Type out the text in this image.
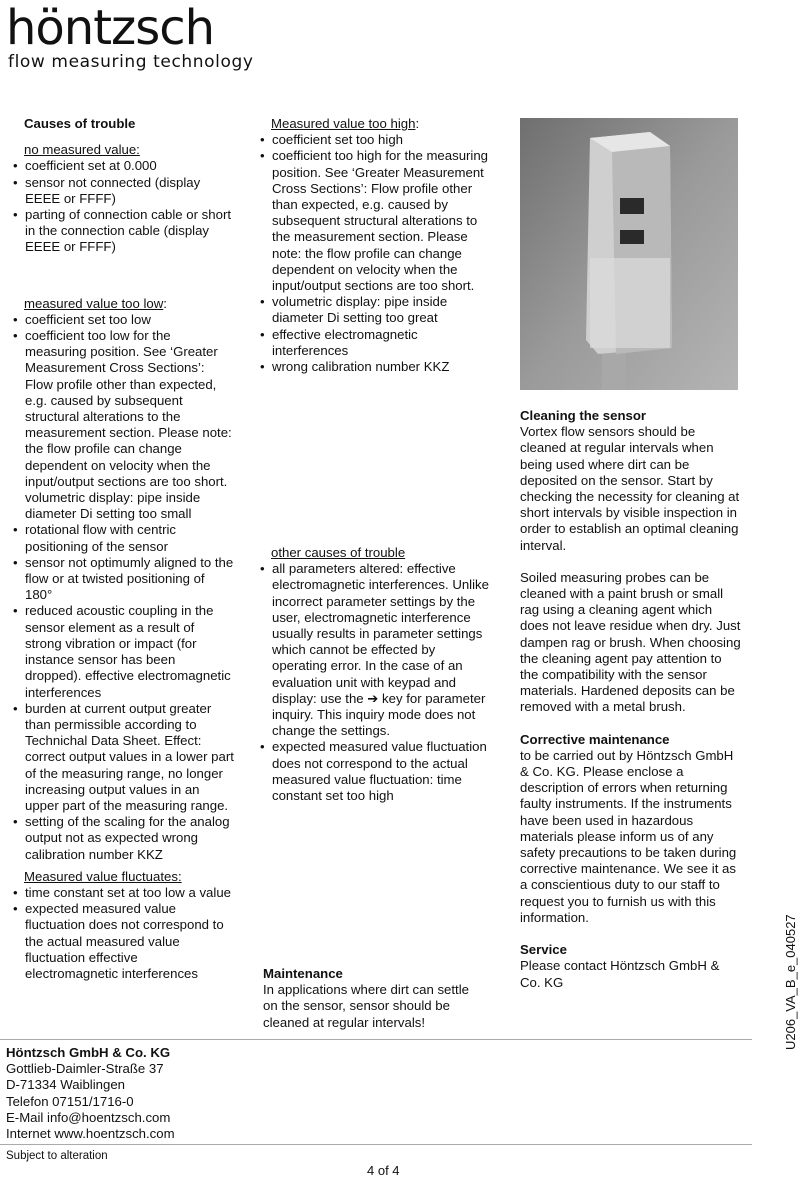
höntzsch
flow measuring technology

Causes of trouble

no measured value:

• coefficient set at 0.000

• sensor not connected (display EEEE or FFFF)

• parting of connection cable or short in the connection cable (display EEEE or FFFF)

measured value too low:

• coefficient set too low

• coefficient too low for the measuring position. See ‘Greater Measurement Cross Sections’: Flow profile other than expected, e.g. caused by subsequent structural alterations to the measurement section. Please note: the flow profile can change dependent on velocity when the input/output sections are too short. volumetric display: pipe inside diameter Di setting too small

• rotational flow with centric positioning of the sensor

• sensor not optimumly aligned to the flow or at twisted positioning of 180°

• reduced acoustic coupling in the sensor element as a result of strong vibration or impact (for instance sensor has been dropped). effective electromagnetic interferences

• burden at current output greater than permissible according to Technichal Data Sheet. Effect: correct output values in a lower part of the measuring range, no longer increasing output values in an upper part of the measuring range.

• setting of the scaling for the analog output not as expected wrong calibration number KKZ

Measured value fluctuates:

• time constant set at too low a value

• expected measured value fluctuation does not correspond to the actual measured value fluctuation effective electromagnetic interferences

Measured value too high:

• coefficient set too high

• coefficient too high for the measuring position. See ‘Greater Measurement Cross Sections’: Flow profile other than expected, e.g. caused by subsequent structural alterations to the measurement section. Please note: the flow profile can change dependent on velocity when the input/output sections are too short.

• volumetric display: pipe inside diameter Di setting too great

• effective electromagnetic interferences

• wrong calibration number KKZ

other causes of trouble

• all parameters altered: effective electromagnetic interferences. Unlike incorrect parameter settings by the user, electromagnetic interference usually results in parameter settings which cannot be effected by operating error. In the case of an evaluation unit with keypad and display: use the ➔ key for parameter inquiry. This inquiry mode does not change the settings.

• expected measured value fluctuation does not correspond to the actual measured value fluctuation: time constant set too high

Maintenance

In applications where dirt can settle on the sensor, sensor should be cleaned at regular intervals!

Cleaning the sensor

Vortex flow sensors should be cleaned at regular intervals when being used where dirt can be deposited on the sensor. Start by checking the necessity for cleaning at short intervals by visible inspection in order to establish an optimal cleaning interval.

Soiled measuring probes can be cleaned with a paint brush or small rag using a cleaning agent which does not leave residue when dry. Just dampen rag or brush. When choosing the cleaning agent pay attention to the compatibility with the sensor materials. Hardened deposits can be removed with a metal brush.

Corrective maintenance

to be carried out by Höntzsch GmbH & Co. KG. Please enclose a description of errors when returning faulty instruments. If the instruments have been used in hazardous materials please inform us of any safety precautions to be taken during corrective maintenance. We see it as a conscientious duty to our staff to request you to furnish us with this information.

Service

Please contact Höntzsch GmbH & Co. KG	U206_VA_B_e_040527

Höntzsch GmbH & Co. KG

Gottlieb-Daimler-Straße 37

D-71334 Waiblingen

Telefon 07151/1716-0

E-Mail info@hoentzsch.com

Internet www.hoentzsch.com

Subject to alteration
4 of 4
